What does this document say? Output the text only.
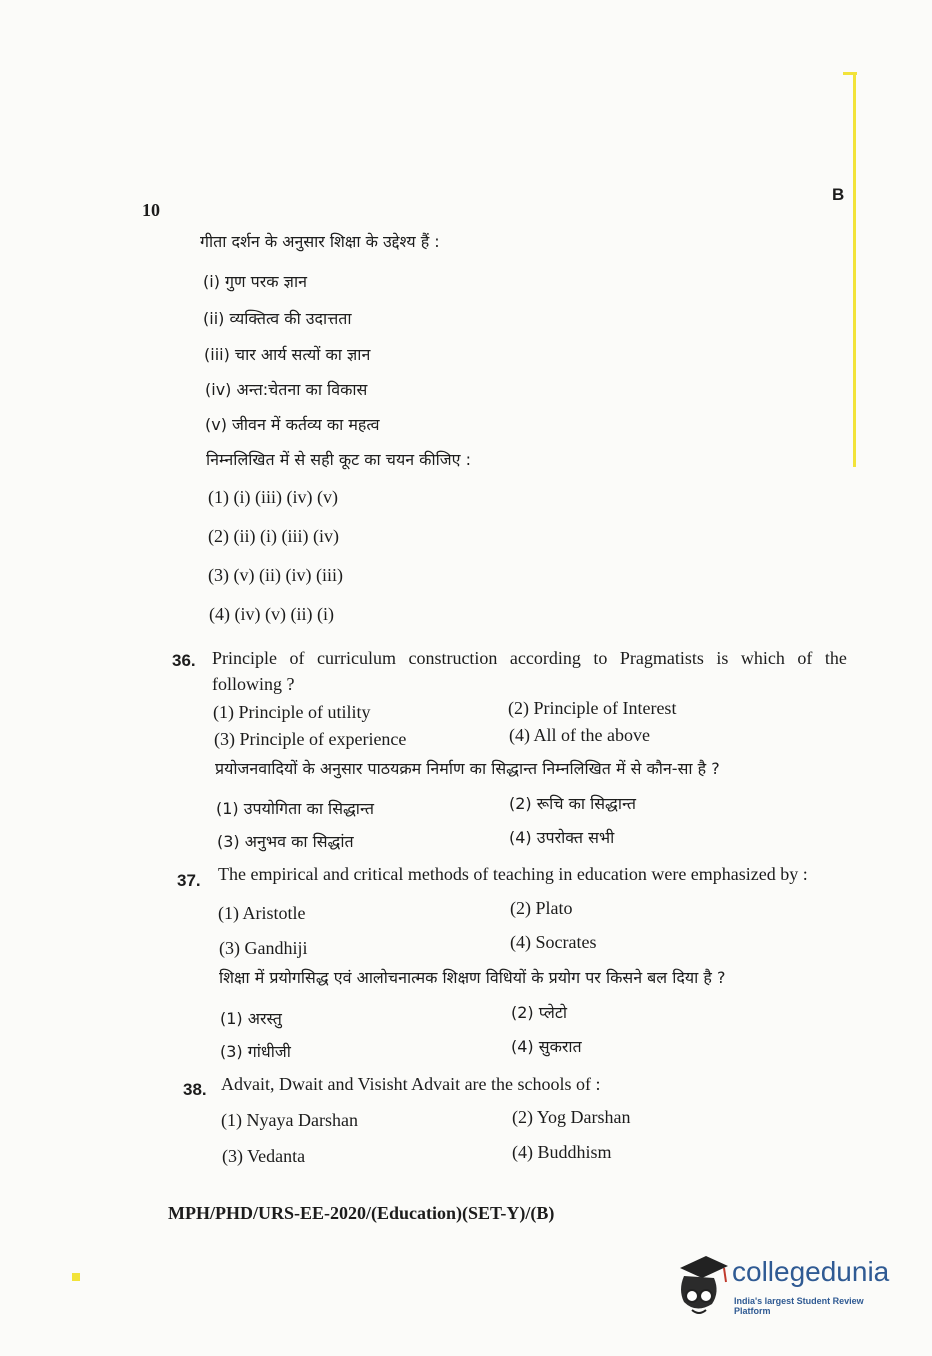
10
B
गीता दर्शन के अनुसार शिक्षा के उद्देश्य हैं :
(i) गुण परक ज्ञान
(ii) व्यक्तित्व की उदात्तता
(iii) चार आर्य सत्यों का ज्ञान
(iv) अन्त:चेतना का विकास
(v) जीवन में कर्तव्य का महत्व
निम्नलिखित में से सही कूट का चयन कीजिए :
(1) (i) (iii) (iv) (v)
(2) (ii) (i) (iii) (iv)
(3) (v) (ii) (iv) (iii)
(4) (iv) (v) (ii) (i)
36. Principle of curriculum construction according to Pragmatists is which of the
following ?
(1) Principle of utility	(2) Principle of Interest
(3) Principle of experience	(4) All of the above
प्रयोजनवादियों के अनुसार पाठयक्रम निर्माण का सिद्धान्त निम्नलिखित में से कौन-सा है ?
(1) उपयोगिता का सिद्धान्त	(2) रूचि का सिद्धान्त
(3) अनुभव का सिद्धांत	(4) उपरोक्त सभी
37. The empirical and critical methods of teaching in education were emphasized by :
(1) Aristotle	(2) Plato
(3) Gandhiji	(4) Socrates
शिक्षा में प्रयोगसिद्ध एवं आलोचनात्मक शिक्षण विधियों के प्रयोग पर किसने बल दिया है ?
(1) अरस्तु	(2) प्लेटो
(3) गांधीजी	(4) सुकरात
38. Advait, Dwait and Visisht Advait are the schools of :
(1) Nyaya Darshan	(2) Yog Darshan
(3) Vedanta	(4) Buddhism
MPH/PHD/URS-EE-2020/(Education)(SET-Y)/(B)
collegedunia
India's largest Student Review Platform
